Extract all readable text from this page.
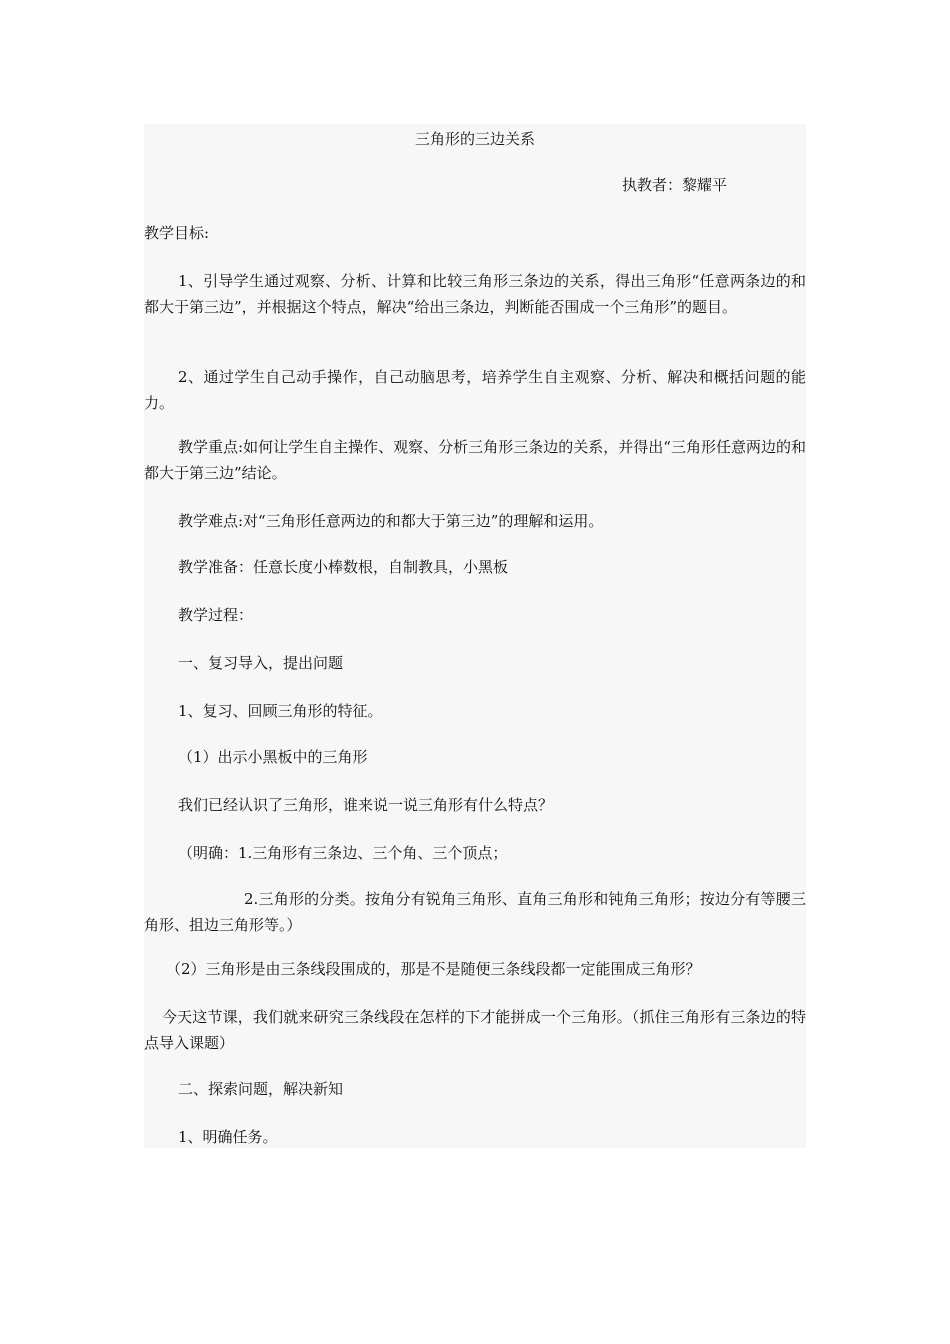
三角形的三边关系
执教者：黎耀平
教学目标:
1、引导学生通过观察、分析、计算和比较三角形三条边的关系，得出三角形“任意两条边的和都大于第三边”，并根据这个特点，解决“给出三条边，判断能否围成一个三角形”的题目。
2、通过学生自己动手操作，自己动脑思考，培养学生自主观察、分析、解决和概括问题的能力。
教学重点:如何让学生自主操作、观察、分析三角形三条边的关系，并得出“三角形任意两边的和都大于第三边”结论。
教学难点:对“三角形任意两边的和都大于第三边”的理解和运用。
教学准备：任意长度小棒数根，自制教具，小黑板
教学过程：
一、复习导入，提出问题
1、复习、回顾三角形的特征。
（1）出示小黑板中的三角形
我们已经认识了三角形，谁来说一说三角形有什么特点？
（明确：1.三角形有三条边、三个角、三个顶点；
2.三角形的分类。按角分有锐角三角形、直角三角形和钝角三角形；按边分有等腰三角形、抯边三角形等。）
（2）三角形是由三条线段围成的，那是不是随便三条线段都一定能围成三角形？
今天这节课，我们就来研究三条线段在怎样的下才能拼成一个三角形。（抓住三角形有三条边的特点导入课题）
二、探索问题，解决新知
1、明确任务。
